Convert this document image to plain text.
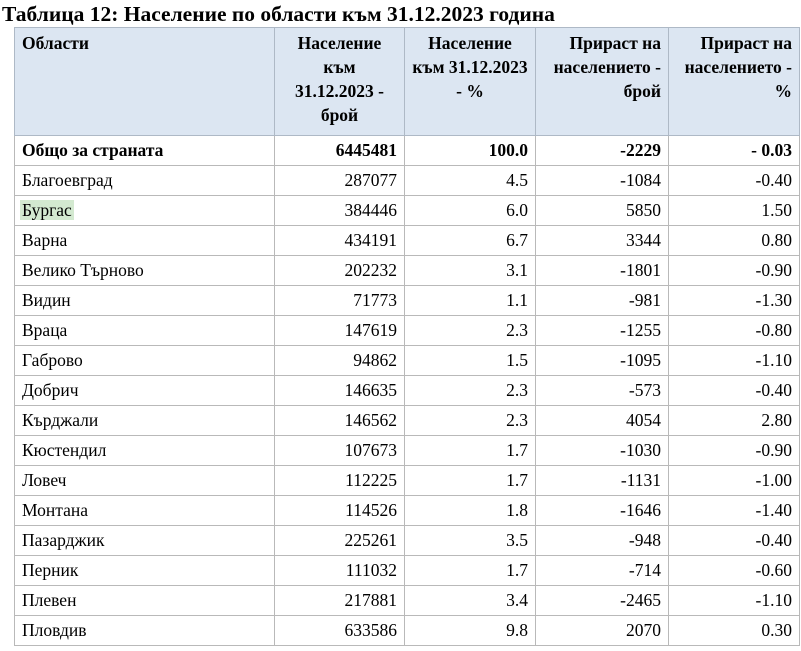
Таблица 12: Население по области към 31.12.2023 година
Области	Население към 31.12.2023 - брой	Население към 31.12.2023 - %	Прираст на населението - брой	Прираст на населението - %
Общо за страната	6445481	100.0	-2229	- 0.03
Благоевград	287077	4.5	-1084	-0.40
Бургас	384446	6.0	5850	1.50
Варна	434191	6.7	3344	0.80
Велико Търново	202232	3.1	-1801	-0.90
Видин	71773	1.1	-981	-1.30
Враца	147619	2.3	-1255	-0.80
Габрово	94862	1.5	-1095	-1.10
Добрич	146635	2.3	-573	-0.40
Кърджали	146562	2.3	4054	2.80
Кюстендил	107673	1.7	-1030	-0.90
Ловеч	112225	1.7	-1131	-1.00
Монтана	114526	1.8	-1646	-1.40
Пазарджик	225261	3.5	-948	-0.40
Перник	111032	1.7	-714	-0.60
Плевен	217881	3.4	-2465	-1.10
Пловдив	633586	9.8	2070	0.30
